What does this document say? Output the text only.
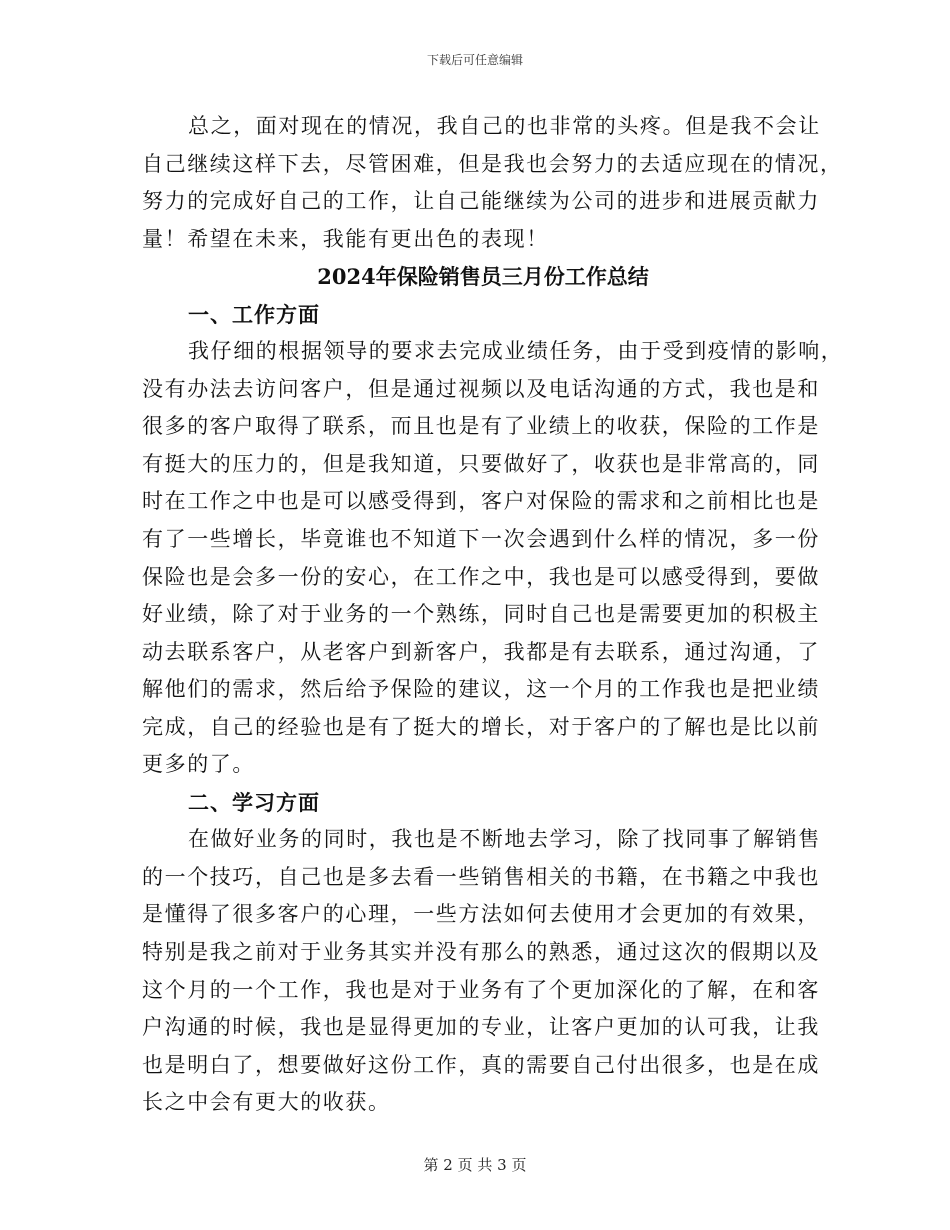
下载后可任意编辑
总之，面对现在的情况，我自己的也非常的头疼。但是我不会让
自己继续这样下去，尽管困难，但是我也会努力的去适应现在的情况，
努力的完成好自己的工作，让自己能继续为公司的进步和进展贡献力
量！希望在未来，我能有更出色的表现！
2024年保险销售员三月份工作总结
一、工作方面
我仔细的根据领导的要求去完成业绩任务，由于受到疫情的影响，
没有办法去访问客户，但是通过视频以及电话沟通的方式，我也是和
很多的客户取得了联系，而且也是有了业绩上的收获，保险的工作是
有挺大的压力的，但是我知道，只要做好了，收获也是非常高的，同
时在工作之中也是可以感受得到，客户对保险的需求和之前相比也是
有了一些增长，毕竟谁也不知道下一次会遇到什么样的情况，多一份
保险也是会多一份的安心，在工作之中，我也是可以感受得到，要做
好业绩，除了对于业务的一个熟练，同时自己也是需要更加的积极主
动去联系客户，从老客户到新客户，我都是有去联系，通过沟通，了
解他们的需求，然后给予保险的建议，这一个月的工作我也是把业绩
完成，自己的经验也是有了挺大的增长，对于客户的了解也是比以前
更多的了。
二、学习方面
在做好业务的同时，我也是不断地去学习，除了找同事了解销售
的一个技巧，自己也是多去看一些销售相关的书籍，在书籍之中我也
是懂得了很多客户的心理，一些方法如何去使用才会更加的有效果，
特别是我之前对于业务其实并没有那么的熟悉，通过这次的假期以及
这个月的一个工作，我也是对于业务有了个更加深化的了解，在和客
户沟通的时候，我也是显得更加的专业，让客户更加的认可我，让我
也是明白了，想要做好这份工作，真的需要自己付出很多，也是在成
长之中会有更大的收获。
第 2 页 共 3 页
